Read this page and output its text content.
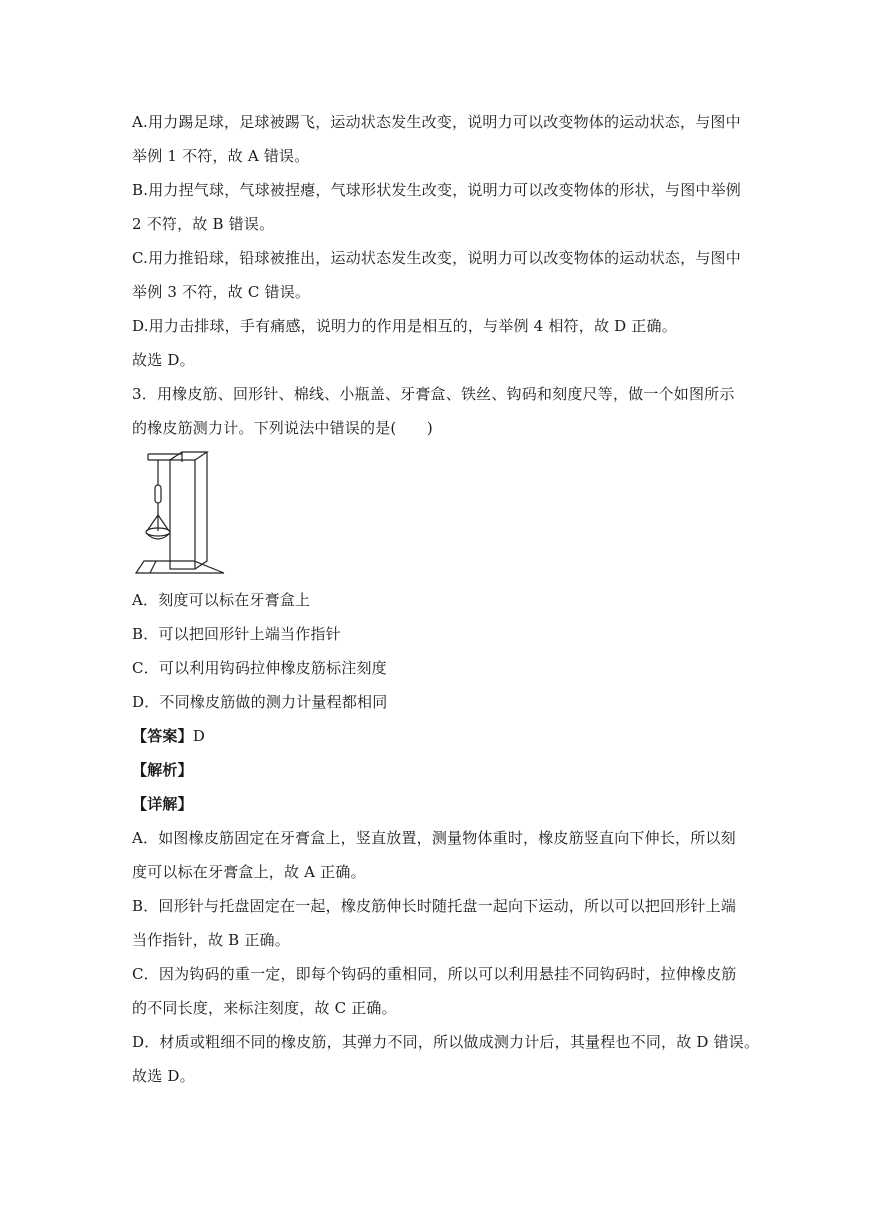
A.用力踢足球，足球被踢飞，运动状态发生改变，说明力可以改变物体的运动状态，与图中
举例 1 不符，故 A 错误。
B.用力捏气球，气球被捏瘪，气球形状发生改变，说明力可以改变物体的形状，与图中举例
2 不符，故 B 错误。
C.用力推铅球，铅球被推出，运动状态发生改变，说明力可以改变物体的运动状态，与图中
举例 3 不符，故 C 错误。
D.用力击排球，手有痛感，说明力的作用是相互的，与举例 4 相符，故 D 正确。
故选 D。
3．用橡皮筋、回形针、棉线、小瓶盖、牙膏盒、铁丝、钩码和刻度尺等，做一个如图所示
的橡皮筋测力计。下列说法中错误的是(　　)
A．刻度可以标在牙膏盒上
B．可以把回形针上端当作指针
C．可以利用钩码拉伸橡皮筋标注刻度
D．不同橡皮筋做的测力计量程都相同
【答案】D
【解析】
【详解】
A．如图橡皮筋固定在牙膏盒上，竖直放置，测量物体重时，橡皮筋竖直向下伸长，所以刻
度可以标在牙膏盒上，故 A 正确。
B．回形针与托盘固定在一起，橡皮筋伸长时随托盘一起向下运动，所以可以把回形针上端
当作指针，故 B 正确。
C．因为钩码的重一定，即每个钩码的重相同，所以可以利用悬挂不同钩码时，拉伸橡皮筋
的不同长度，来标注刻度，故 C 正确。
D．材质或粗细不同的橡皮筋，其弹力不同，所以做成测力计后，其量程也不同，故 D 错误。
故选 D。
